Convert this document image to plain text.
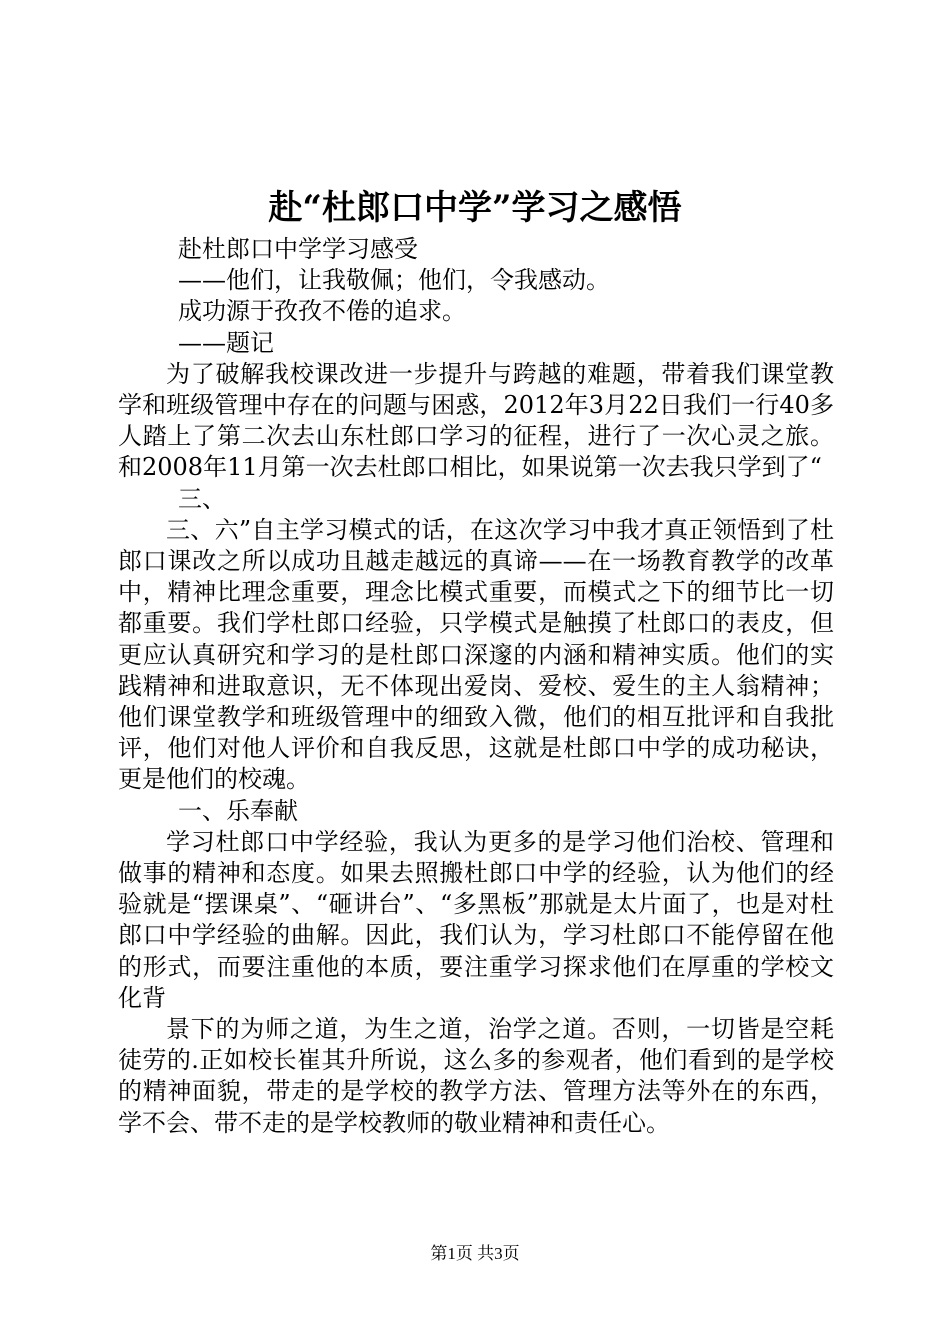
赴“杜郎口中学”学习之感悟

赴杜郎口中学学习感受

——他们，让我敬佩；他们，令我感动。

成功源于孜孜不倦的追求。

——题记

为了破解我校课改进一步提升与跨越的难题，带着我们课堂教学和班级管理中存在的问题与困惑，2012年3月22日我们一行40多人踏上了第二次去山东杜郎口学习的征程，进行了一次心灵之旅。和2008年11月第一次去杜郎口相比，如果说第一次去我只学到了“

三、

三、六”自主学习模式的话，在这次学习中我才真正领悟到了杜郎口课改之所以成功且越走越远的真谛——在一场教育教学的改革中，精神比理念重要，理念比模式重要，而模式之下的细节比一切都重要。我们学杜郎口经验，只学模式是触摸了杜郎口的表皮，但更应认真研究和学习的是杜郎口深邃的内涵和精神实质。他们的实践精神和进取意识，无不体现出爱岗、爱校、爱生的主人翁精神；他们课堂教学和班级管理中的细致入微，他们的相互批评和自我批评，他们对他人评价和自我反思，这就是杜郎口中学的成功秘诀，更是他们的校魂。

一、乐奉献

学习杜郎口中学经验，我认为更多的是学习他们治校、管理和做事的精神和态度。如果去照搬杜郎口中学的经验，认为他们的经验就是“摆课桌”、“砸讲台”、“多黑板”那就是太片面了，也是对杜郎口中学经验的曲解。因此，我们认为，学习杜郎口不能停留在他的形式，而要注重他的本质，要注重学习探求他们在厚重的学校文化背

景下的为师之道，为生之道，治学之道。否则，一切皆是空耗徒劳的.正如校长崔其升所说，这么多的参观者，他们看到的是学校的精神面貌，带走的是学校的教学方法、管理方法等外在的东西，学不会、带不走的是学校教师的敬业精神和责任心。

第1页 共3页
